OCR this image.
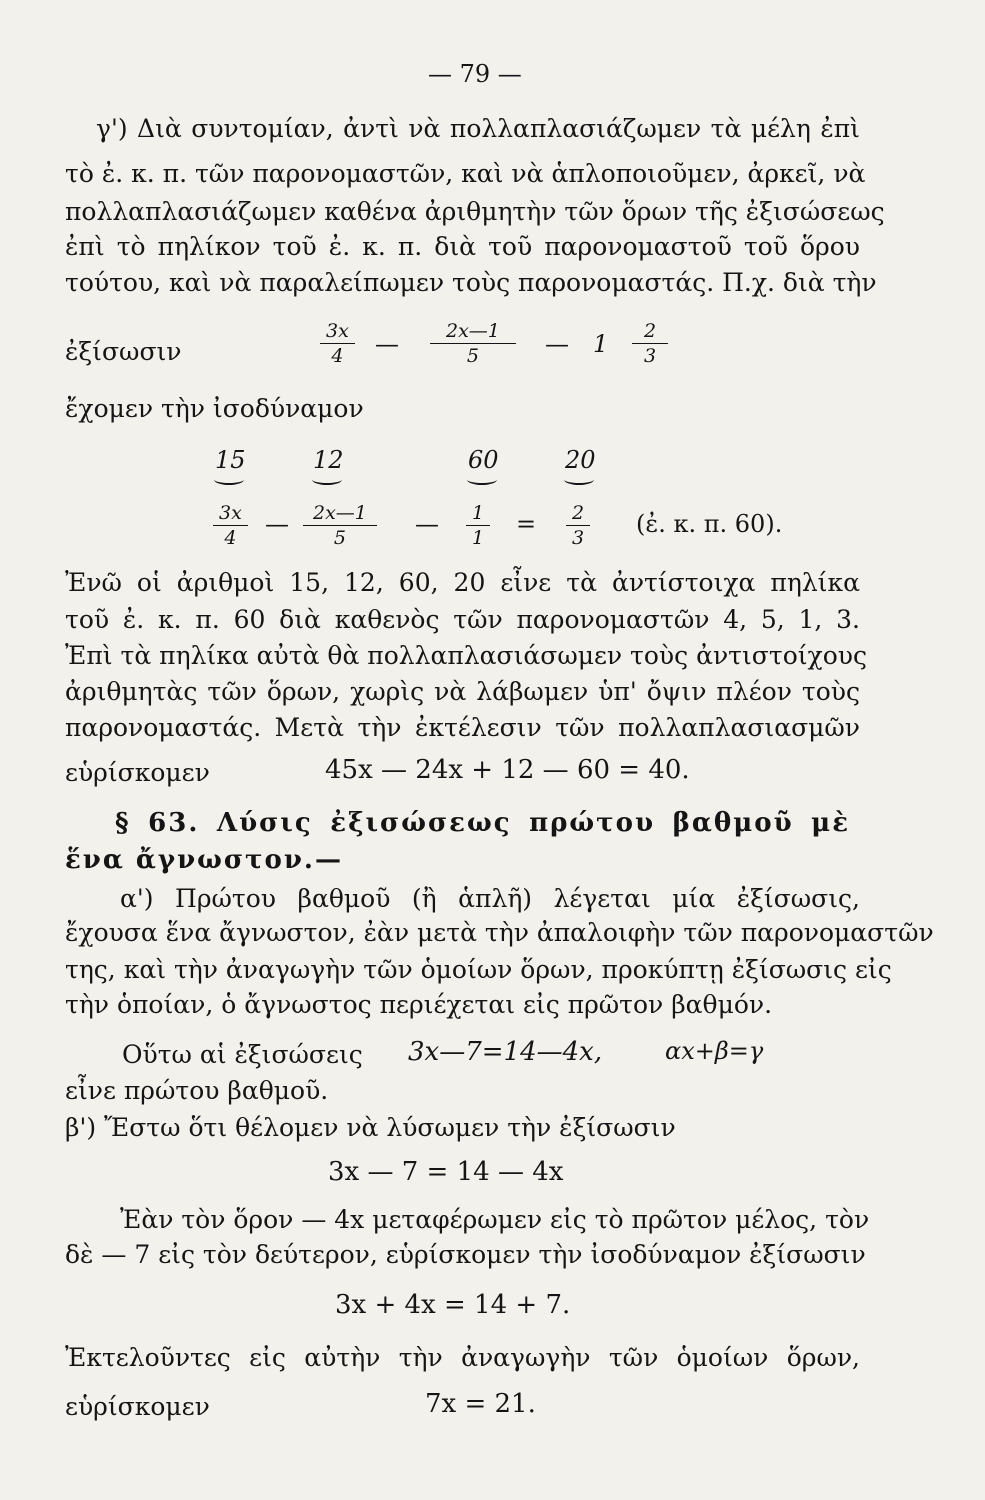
— 79 —
γ') Διὰ συντομίαν, ἀντὶ νὰ πολλαπλασιάζωμεν τὰ μέλη ἐπὶ
τὸ ἐ. κ. π. τῶν παρονομαστῶν, καὶ νὰ ἁπλοποιοῦμεν, ἀρκεῖ, νὰ
πολλαπλασιάζωμεν καθένα ἀριθμητὴν τῶν ὅρων τῆς ἐξισώσεως
ἐπὶ τὸ πηλίκον τοῦ ἐ. κ. π. διὰ τοῦ παρονομαστοῦ τοῦ ὅρου
τούτου, καὶ νὰ παραλείπωμεν τοὺς παρονομαστάς. Π.χ. διὰ τὴν
ἐξίσωσιν	$\frac{3x}{4}$ — $\frac{2x—1}{5}$ — $1 \frac{2}{3}$
ἔχομεν τὴν ἰσοδύναμον
15	12	60	20
$\frac{3x}{4}$ — $\frac{2x—1}{5}$ — $\frac{1}{1} = \frac{2}{3}$ (ἐ. κ. π. 60).
Ἐνῶ οἱ ἀριθμοὶ 15, 12, 60, 20 εἶνε τὰ ἀντίστοιχα πηλίκα
τοῦ ἐ. κ. π. 60 διὰ καθενὸς τῶν παρονομαστῶν 4, 5, 1, 3.
Ἐπὶ τὰ πηλίκα αὐτὰ θὰ πολλαπλασιάσωμεν τοὺς ἀντιστοίχους
ἀριθμητὰς τῶν ὅρων, χωρὶς νὰ λάβωμεν ὑπ' ὄψιν πλέον τοὺς
παρονομαστάς. Μετὰ τὴν ἐκτέλεσιν τῶν πολλαπλασιασμῶν
εὑρίσκομεν	45x — 24x + 12 — 60 = 40.
§ 63. Λύσις ἐξισώσεως πρώτου βαθμοῦ μὲ
ἕνα ἄγνωστον.—
α') Πρώτου βαθμοῦ (ἢ ἁπλῆ) λέγεται μία ἐξίσωσις,
ἔχουσα ἕνα ἄγνωστον, ἐὰν μετὰ τὴν ἀπαλοιφὴν τῶν παρονομαστῶν
της, καὶ τὴν ἀναγωγὴν τῶν ὁμοίων ὅρων, προκύπτῃ ἐξίσωσις εἰς
τὴν ὁποίαν, ὁ ἄγνωστος περιέχεται εἰς πρῶτον βαθμόν.
Οὕτω αἱ ἐξισώσεις 3x—7=14—4x,	αx+β=γ
εἶνε πρώτου βαθμοῦ.
β') Ἔστω ὅτι θέλομεν νὰ λύσωμεν τὴν ἐξίσωσιν
3x — 7 = 14 — 4x
Ἐὰν τὸν ὅρον — 4x μεταφέρωμεν εἰς τὸ πρῶτον μέλος, τὸν
δὲ — 7 εἰς τὸν δεύτερον, εὑρίσκομεν τὴν ἰσοδύναμον ἐξίσωσιν
3x + 4x = 14 + 7.
Ἐκτελοῦντες εἰς αὐτὴν τὴν ἀναγωγὴν τῶν ὁμοίων ὅρων,
εὑρίσκομεν	7x = 21.
